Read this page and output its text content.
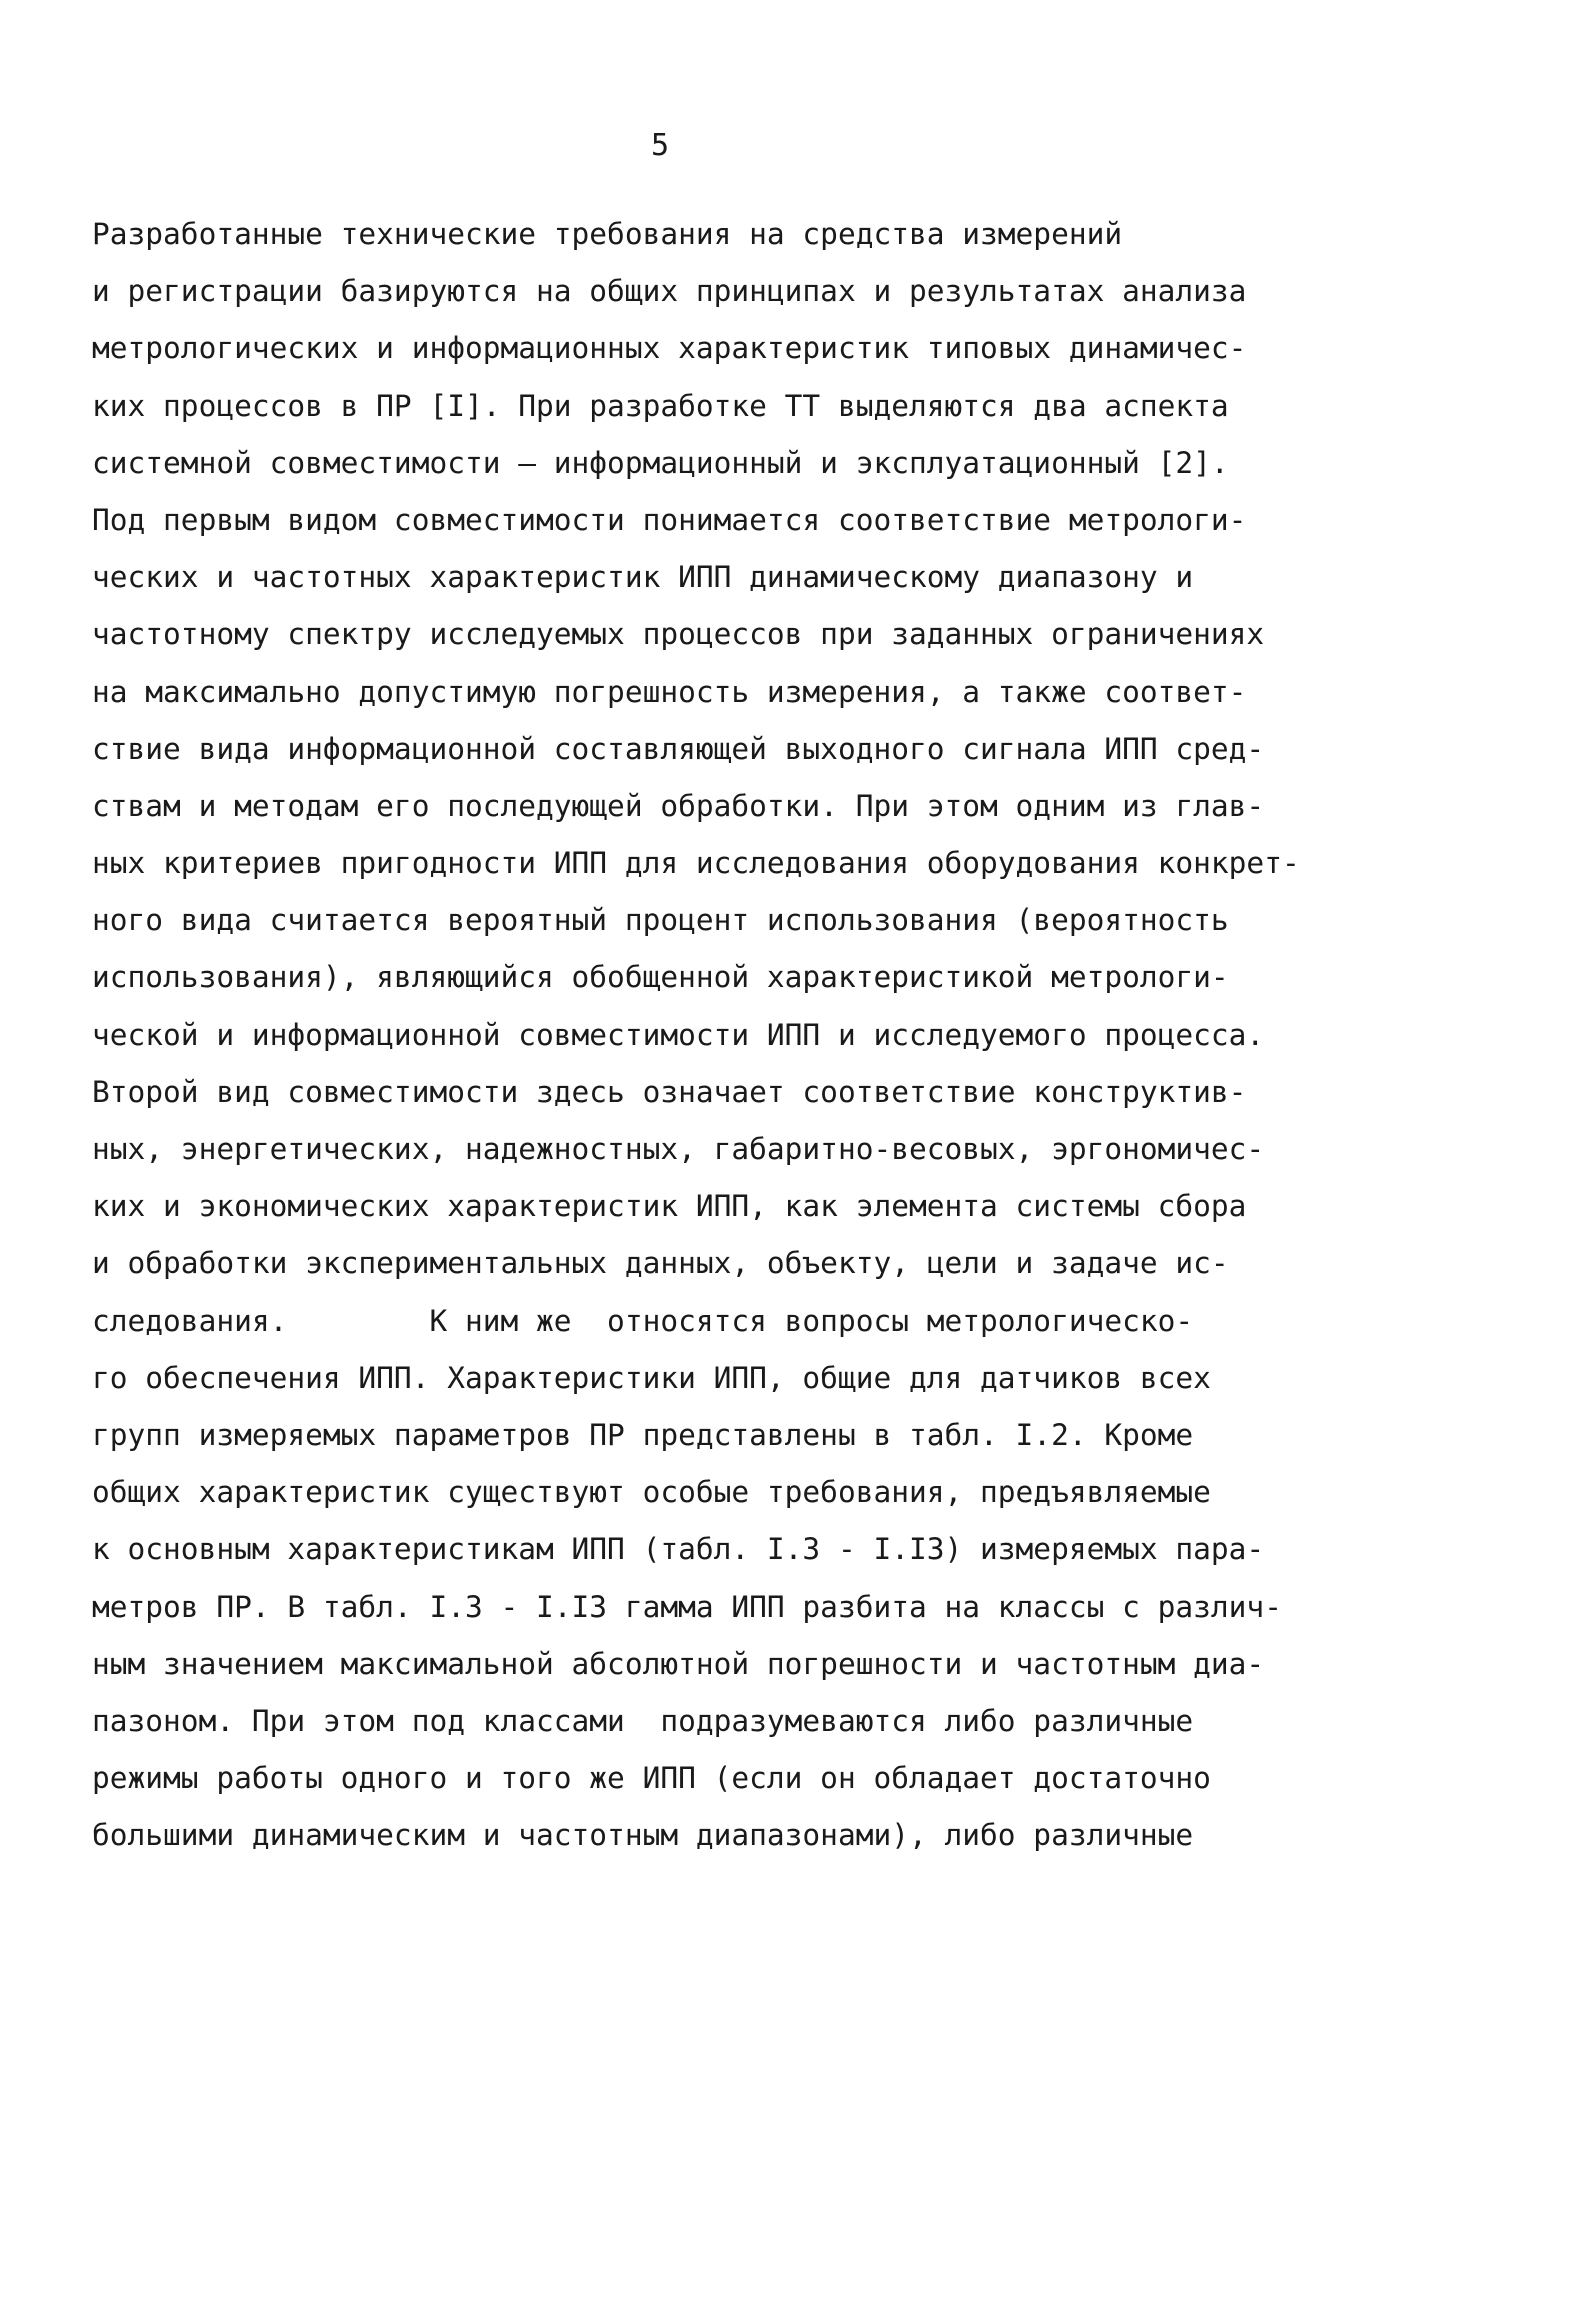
5
Разработанные технические требования на средства измерений
и регистрации базируются на общих принципах и результатах анализа
метрологических и информационных характеристик типовых динамичес-
ких процессов в ПР [I]. При разработке ТТ выделяются два аспекта
системной совместимости – информационный и эксплуатационный [2].
Под первым видом совместимости понимается соответствие метрологи-
ческих и частотных характеристик ИПП динамическому диапазону и
частотному спектру исследуемых процессов при заданных ограничениях
на максимально допустимую погрешность измерения, а также соответ-
ствие вида информационной составляющей выходного сигнала ИПП сред-
ствам и методам его последующей обработки. При этом одним из глав-
ных критериев пригодности ИПП для исследования оборудования конкрет-
ного вида считается вероятный процент использования (вероятность
использования), являющийся обобщенной характеристикой метрологи-
ческой и информационной совместимости ИПП и исследуемого процесса.
Второй вид совместимости здесь означает соответствие конструктив-
ных, энергетических, надежностных, габаритно-весовых, эргономичес-
ких и экономических характеристик ИПП, как элемента системы сбора
и обработки экспериментальных данных, объекту, цели и задаче ис-
следования.        К ним же  относятся вопросы метрологическо-
го обеспечения ИПП. Характеристики ИПП, общие для датчиков всех
групп измеряемых параметров ПР представлены в табл. I.2. Кроме
общих характеристик существуют особые требования, предъявляемые
к основным характеристикам ИПП (табл. I.3 - I.I3) измеряемых пара-
метров ПР. В табл. I.3 - I.I3 гамма ИПП разбита на классы с различ-
ным значением максимальной абсолютной погрешности и частотным диа-
пазоном. При этом под классами  подразумеваются либо различные
режимы работы одного и того же ИПП (если он обладает достаточно
большими динамическим и частотным диапазонами), либо различные
